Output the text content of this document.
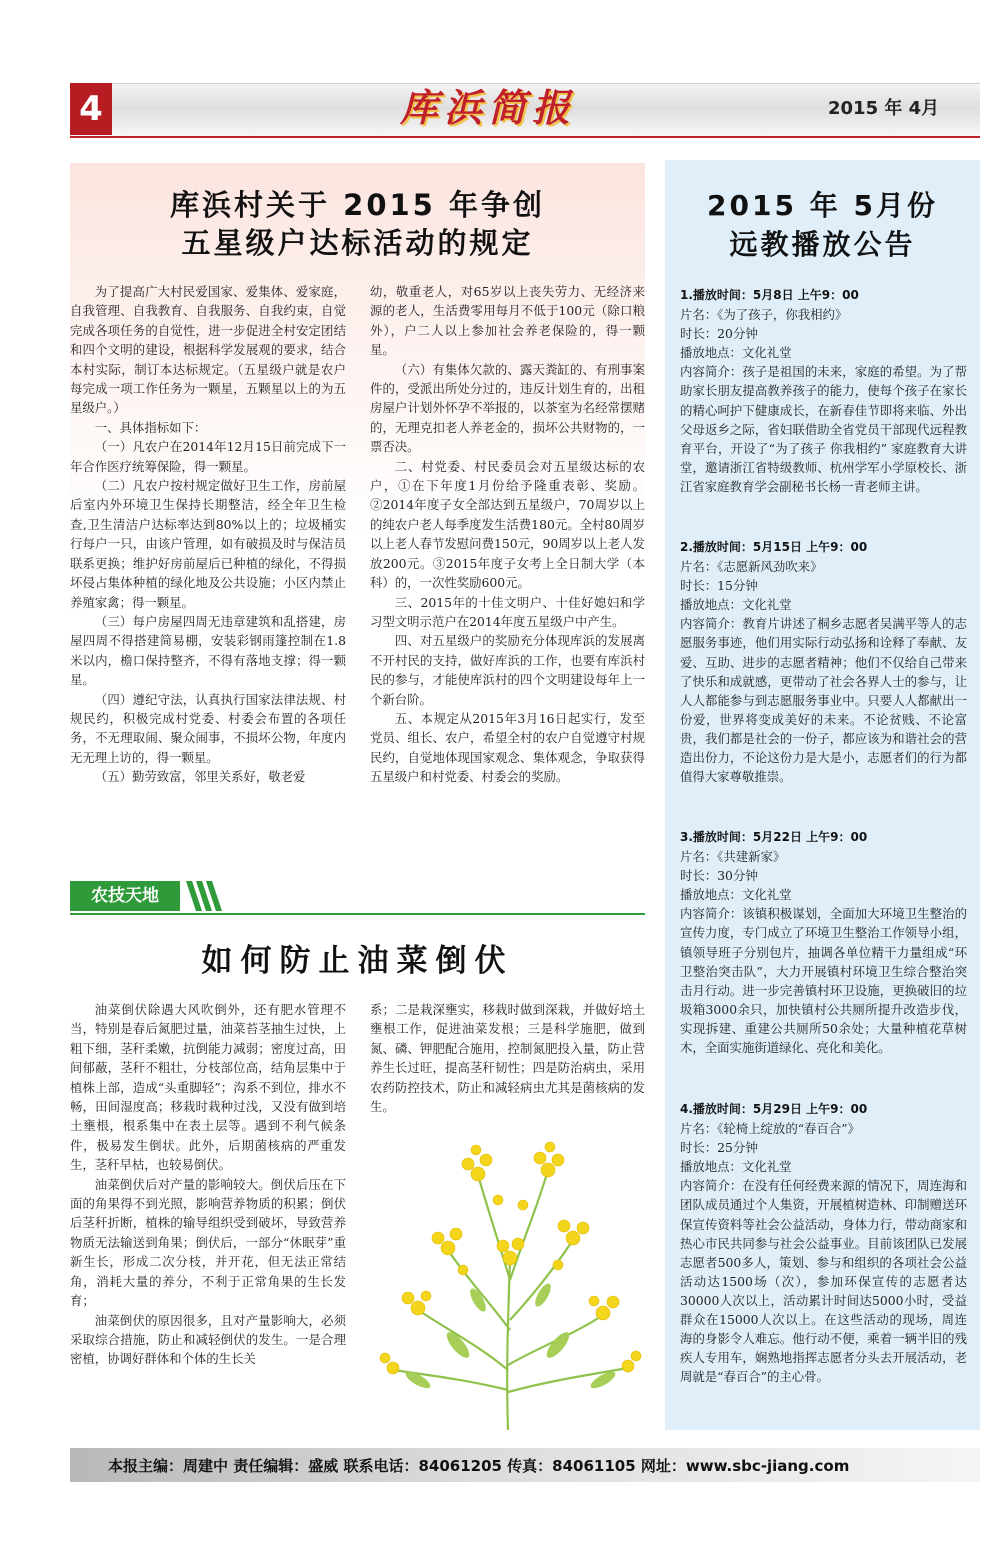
4	库浜简报	2015 年 4月
库浜村关于 2015 年争创
五星级户达标活动的规定

为了提高广大村民爱国家、爱集体、爱家庭，自我管理、自我教育、自我服务、自我约束，自觉完成各项任务的自觉性，进一步促进全村安定团结和四个文明的建设，根据科学发展观的要求，结合本村实际，制订本达标规定。（五星级户就是农户每完成一项工作任务为一颗星，五颗星以上的为五星级户。）

一、具体指标如下：

（一）凡农户在2014年12月15日前完成下一年合作医疗统筹保险，得一颗星。

（二）凡农户按村规定做好卫生工作，房前屋后室内外环境卫生保持长期整洁，经全年卫生检查,卫生清洁户达标率达到80%以上的；垃圾桶实行每户一只，由该户管理，如有破损及时与保洁员联系更换；维护好房前屋后已种植的绿化，不得损坏侵占集体种植的绿化地及公共设施；小区内禁止养殖家禽；得一颗星。

（三）每户房屋四周无违章建筑和乱搭建，房屋四周不得搭建简易棚，安装彩钢雨篷控制在1.8米以内，檐口保持整齐，不得有落地支撑；得一颗星。

（四）遵纪守法，认真执行国家法律法规、村规民约，积极完成村党委、村委会布置的各项任务，不无理取闹、聚众闹事，不损坏公物，年度内无无理上访的，得一颗星。

（五）勤劳致富，邻里关系好，敬老爱

幼，敬重老人，对65岁以上丧失劳力、无经济来源的老人，生活费零用每月不低于100元（除口粮外），户二人以上参加社会养老保险的，得一颗星。

（六）有集体欠款的、露天粪缸的、有刑事案件的，受派出所处分过的，违反计划生育的，出租房屋户计划外怀孕不举报的，以茶室为名经常摆赌的，无理克扣老人养老金的，损坏公共财物的，一票否决。

二、村党委、村民委员会对五星级达标的农户，①在下年度1月份给予隆重表彰、奖励。②2014年度子女全部达到五星级户，70周岁以上的纯农户老人每季度发生活费180元。全村80周岁以上老人春节发慰问费150元，90周岁以上老人发放200元。③2015年度子女考上全日制大学（本科）的，一次性奖励600元。

三、2015年的十佳文明户、十佳好媳妇和学习型文明示范户在2014年度五星级户中产生。

四、对五星级户的奖励充分体现库浜的发展离不开村民的支持，做好库浜的工作，也要有库浜村民的参与，才能使库浜村的四个文明建设每年上一个新台阶。

五、本规定从2015年3月16日起实行，发至党员、组长、农户，希望全村的农户自觉遵守村规民约，自觉地体现国家观念、集体观念，争取获得五星级户和村党委、村委会的奖励。

2015 年 5月份
远教播放公告
1.播放时间：5月8日 上午9：00
片名：《为了孩子，你我相约》
时长：20分钟
播放地点：文化礼堂
内容简介：孩子是祖国的未来，家庭的希望。为了帮助家长朋友提高教养孩子的能力，使每个孩子在家长的精心呵护下健康成长，在新春佳节即将来临、外出父母返乡之际，省妇联借助全省党员干部现代远程教育平台，开设了“为了孩子 你我相约” 家庭教育大讲堂，邀请浙江省特级教师、杭州学军小学原校长、浙江省家庭教育学会副秘书长杨一青老师主讲。
2.播放时间：5月15日 上午9：00
片名：《志愿新风劲吹来》
时长：15分钟
播放地点：文化礼堂
内容简介：教育片讲述了桐乡志愿者吴满平等人的志愿服务事迹，他们用实际行动弘扬和诠释了奉献、友爱、互助、进步的志愿者精神；他们不仅给自己带来了快乐和成就感，更带动了社会各界人士的参与，让人人都能参与到志愿服务事业中。只要人人都献出一份爱，世界将变成美好的未来。不论贫贱、不论富贵，我们都是社会的一份子，都应该为和谐社会的营造出份力，不论这份力是大是小，志愿者们的行为都值得大家尊敬推崇。
3.播放时间：5月22日 上午9：00
片名：《共建新家》
时长：30分钟
播放地点：文化礼堂
内容简介：该镇积极谋划，全面加大环境卫生整治的宣传力度，专门成立了环境卫生整治工作领导小组，镇领导班子分别包片，抽调各单位精干力量组成“环卫整治突击队”，大力开展镇村环境卫生综合整治突击月行动。进一步完善镇村环卫设施，更换破旧的垃圾箱3000余只，加快镇村公共厕所提升改造步伐，实现拆建、重建公共厕所50余处；大量种植花草树木，全面实施街道绿化、亮化和美化。
4.播放时间：5月29日 上午9：00
片名：《轮椅上绽放的“春百合”》
时长：25分钟
播放地点：文化礼堂
内容简介：在没有任何经费来源的情况下，周连海和团队成员通过个人集资，开展植树造林、印制赠送环保宣传资料等社会公益活动，身体力行，带动商家和热心市民共同参与社会公益事业。目前该团队已发展志愿者500多人，策划、参与和组织的各项社会公益活动达1500场（次），参加环保宣传的志愿者达30000人次以上，活动累计时间达5000小时，受益群众在15000人次以上。在这些活动的现场，周连海的身影令人难忘。他行动不便，乘着一辆半旧的残疾人专用车，娴熟地指挥志愿者分头去开展活动，老周就是“春百合”的主心骨。
农技天地
如何防止油菜倒伏

油菜倒伏除遇大风吹倒外，还有肥水管理不当，特别是春后氮肥过量，油菜苔茎抽生过快，上粗下细，茎秆柔嫩，抗倒能力减弱；密度过高，田间郁蔽，茎秆不粗壮，分枝部位高，结角层集中于植株上部，造成“头重脚轻”；沟系不到位，排水不畅，田间湿度高；移栽时栽种过浅，又没有做到培土壅根，根系集中在表土层等。遇到不利气候条件，极易发生倒状。此外，后期菌核病的严重发生，茎秆早枯，也较易倒伏。

油菜倒伏后对产量的影响较大。倒伏后压在下面的角果得不到光照，影响营养物质的积累；倒伏后茎秆折断，植株的输导组织受到破坏，导致营养物质无法输送到角果；倒伏后，一部分“休眠芽”重新生长，形成二次分枝，并开花，但无法正常结角，消耗大量的养分，不利于正常角果的生长发育；

油菜倒伏的原因很多，且对产量影响大，必须采取综合措施，防止和减轻倒伏的发生。一是合理密植，协调好群体和个体的生长关

系；二是栽深壅实，移栽时做到深栽，并做好培土壅根工作，促进油菜发根；三是科学施肥，做到氮、磷、钾肥配合施用，控制氮肥投入量，防止营养生长过旺，提高茎秆韧性；四是防治病虫，采用农药防控技术，防止和减轻病虫尤其是菌核病的发生。

本报主编：周建中 责任编辑：盛威 联系电话：84061205 传真：84061105 网址：www.sbc-jiang.com
